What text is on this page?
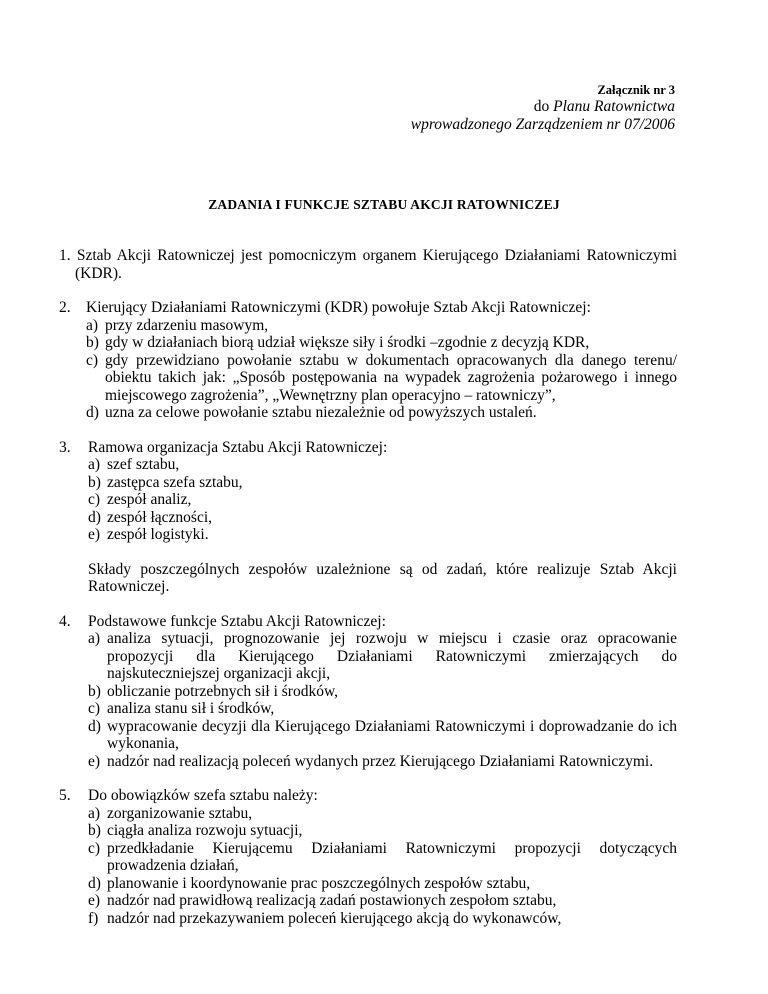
Załącznik nr 3
do Planu Ratownictwa
wprowadzonego Zarządzeniem nr 07/2006
ZADANIA I FUNKCJE SZTABU AKCJI RATOWNICZEJ
1. Sztab Akcji Ratowniczej jest pomocniczym organem Kierującego Działaniami Ratowniczymi (KDR).
2. Kierujący Działaniami Ratowniczymi (KDR) powołuje Sztab Akcji Ratowniczej:
a) przy zdarzeniu masowym,
b) gdy w działaniach biorą udział większe siły i środki –zgodnie z decyzją KDR,
c) gdy przewidziano powołanie sztabu w dokumentach opracowanych dla danego terenu/ obiektu takich jak: „Sposób postępowania na wypadek zagrożenia pożarowego i innego miejscowego zagrożenia”, „Wewnętrzny plan operacyjno – ratowniczy”,
d) uzna za celowe powołanie sztabu niezależnie od powyższych ustaleń.
3. Ramowa organizacja Sztabu Akcji Ratowniczej:
a) szef sztabu,
b) zastępca szefa sztabu,
c) zespół analiz,
d) zespół łączności,
e) zespół logistyki.
Składy poszczególnych zespołów uzależnione są od zadań, które realizuje Sztab Akcji Ratowniczej.
4. Podstawowe funkcje Sztabu Akcji Ratowniczej:
a) analiza sytuacji, prognozowanie jej rozwoju w miejscu i czasie oraz opracowanie propozycji dla Kierującego Działaniami Ratowniczymi zmierzających do najskuteczniejszej organizacji akcji,
b) obliczanie potrzebnych sił i środków,
c) analiza stanu sił i środków,
d) wypracowanie decyzji dla Kierującego Działaniami Ratowniczymi i doprowadzanie do ich wykonania,
e) nadzór nad realizacją poleceń wydanych przez Kierującego Działaniami Ratowniczymi.
5. Do obowiązków szefa sztabu należy:
a) zorganizowanie sztabu,
b) ciągła analiza rozwoju sytuacji,
c) przedkładanie Kierującemu Działaniami Ratowniczymi propozycji dotyczących prowadzenia działań,
d) planowanie i koordynowanie prac poszczególnych zespołów sztabu,
e) nadzór nad prawidłową realizacją zadań postawionych zespołom sztabu,
f) nadzór nad przekazywaniem poleceń kierującego akcją do wykonawców,
